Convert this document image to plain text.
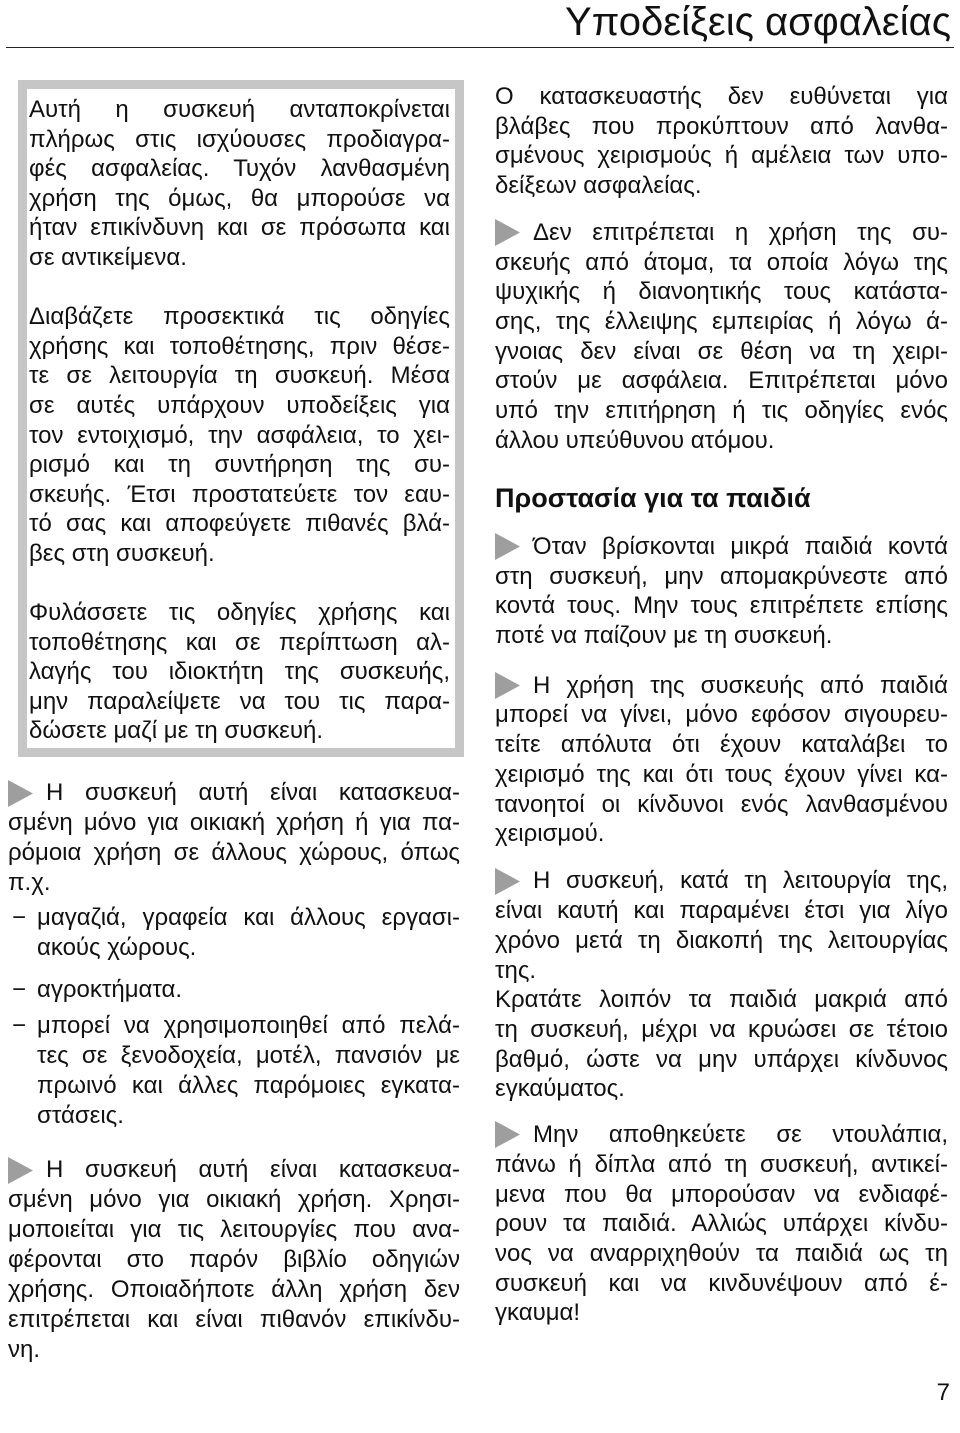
Υποδείξεις ασφαλείας
Αυτή η συσκευή ανταποκρίνεται
πλήρως στις ισχύουσες προδιαγρα-
φές ασφαλείας. Τυχόν λανθασμένη
χρήση της όμως, θα μπορούσε να
ήταν επικίνδυνη και σε πρόσωπα και
σε αντικείμενα.
Διαβάζετε προσεκτικά τις οδηγίες
χρήσης και τοποθέτησης, πριν θέσε-
τε σε λειτουργία τη συσκευή. Μέσα
σε αυτές υπάρχουν υποδείξεις για
τον εντοιχισμό, την ασφάλεια, το χει-
ρισμό και τη συντήρηση της συ-
σκευής. Έτσι προστατεύετε τον εαυ-
τό σας και αποφεύγετε πιθανές βλά-
βες στη συσκευή.
Φυλάσσετε τις οδηγίες χρήσης και
τοποθέτησης και σε περίπτωση αλ-
λαγής του ιδιοκτήτη της συσκευής,
μην παραλείψετε να του τις παρα-
δώσετε μαζί με τη συσκευή.
Η συσκευή αυτή είναι κατασκευα-
σμένη μόνο για οικιακή χρήση ή για πα-
ρόμοια χρήση σε άλλους χώρους, όπως
π.χ.
− μαγαζιά, γραφεία και άλλους εργασι-
ακούς χώρους.
− αγροκτήματα.
− μπορεί να χρησιμοποιηθεί από πελά-
τες σε ξενοδοχεία, μοτέλ, πανσιόν με
πρωινό και άλλες παρόμοιες εγκατα-
στάσεις.
Η συσκευή αυτή είναι κατασκευα-
σμένη μόνο για οικιακή χρήση. Χρησι-
μοποιείται για τις λειτουργίες που ανα-
φέρονται στο παρόν βιβλίο οδηγιών
χρήσης. Οποιαδήποτε άλλη χρήση δεν
επιτρέπεται και είναι πιθανόν επικίνδυ-
νη.
Ο κατασκευαστής δεν ευθύνεται για
βλάβες που προκύπτουν από λανθα-
σμένους χειρισμούς ή αμέλεια των υπο-
δείξεων ασφαλείας.
Δεν επιτρέπεται η χρήση της συ-
σκευής από άτομα, τα οποία λόγω της
ψυχικής ή διανοητικής τους κατάστα-
σης, της έλλειψης εμπειρίας ή λόγω ά-
γνοιας δεν είναι σε θέση να τη χειρι-
στούν με ασφάλεια. Επιτρέπεται μόνο
υπό την επιτήρηση ή τις οδηγίες ενός
άλλου υπεύθυνου ατόμου.
Προστασία για τα παιδιά
Όταν βρίσκονται μικρά παιδιά κοντά
στη συσκευή, μην απομακρύνεστε από
κοντά τους. Μην τους επιτρέπετε επίσης
ποτέ να παίζουν με τη συσκευή.
Η χρήση της συσκευής από παιδιά
μπορεί να γίνει, μόνο εφόσον σιγουρευ-
τείτε απόλυτα ότι έχουν καταλάβει το
χειρισμό της και ότι τους έχουν γίνει κα-
τανοητοί οι κίνδυνοι ενός λανθασμένου
χειρισμού.
Η συσκευή, κατά τη λειτουργία της,
είναι καυτή και παραμένει έτσι για λίγο
χρόνο μετά τη διακοπή της λειτουργίας
της.
Κρατάτε λοιπόν τα παιδιά μακριά από
τη συσκευή, μέχρι να κρυώσει σε τέτοιο
βαθμό, ώστε να μην υπάρχει κίνδυνος
εγκαύματος.
Μην αποθηκεύετε σε ντουλάπια,
πάνω ή δίπλα από τη συσκευή, αντικεί-
μενα που θα μπορούσαν να ενδιαφέ-
ρουν τα παιδιά. Αλλιώς υπάρχει κίνδυ-
νος να αναρριχηθούν τα παιδιά ως τη
συσκευή και να κινδυνέψουν από έ-
γκαυμα!
7
